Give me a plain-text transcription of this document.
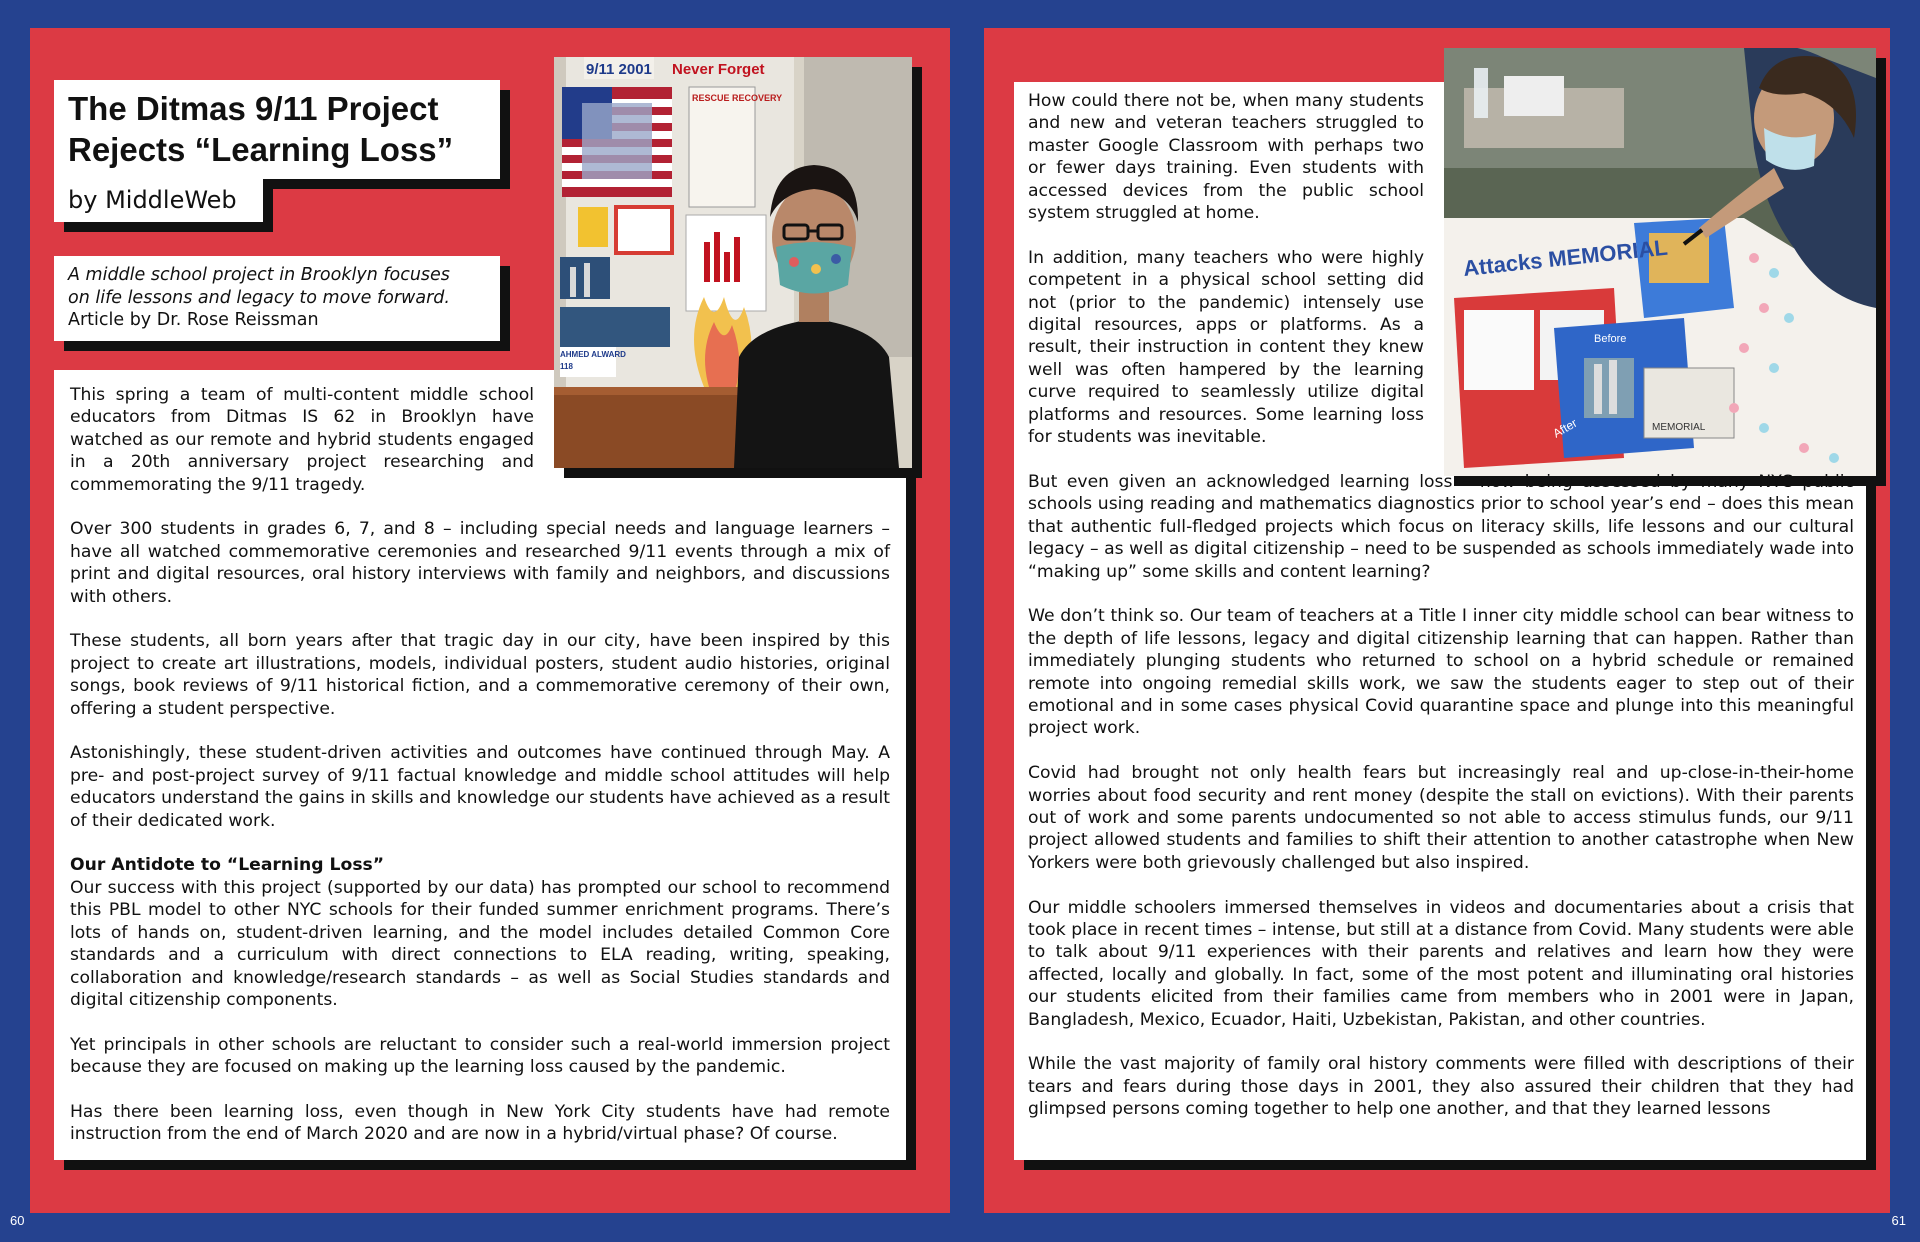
60	61
The Ditmas 9/11 Project
Rejects “Learning Loss”
by MiddleWeb
A middle school project in Brooklyn focuses
on life lessons and legacy to move forward.
Article by Dr. Rose Reissman
9/11 2001 Never Forget
RESCUE RECOVERY
AHMED ALWARD
118

This spring a team of multi-content middle school educators from Ditmas IS 62 in Brooklyn have watched as our remote and hybrid students engaged in a 20th anniversary project researching and commemorating the 9/11 tragedy.

Over 300 students in grades 6, 7, and 8 – including special needs and language learners – have all watched commemorative ceremonies and researched 9/11 events through a mix of print and digital resources, oral history interviews with family and neighbors, and discussions with others.

These students, all born years after that tragic day in our city, have been inspired by this project to create art illustrations, models, individual posters, student audio histories, original songs, book reviews of 9/11 historical fiction, and a commemorative ceremony of their own, offering a student perspective.

Astonishingly, these student-driven activities and outcomes have continued through May. A pre- and post-project survey of 9/11 factual knowledge and middle school attitudes will help educators understand the gains in skills and knowledge our students have achieved as a result of their dedicated work.

Our Antidote to “Learning Loss”

Our success with this project (supported by our data) has prompted our school to recommend this PBL model to other NYC schools for their funded summer enrichment programs. There’s lots of hands on, student-driven learning, and the model includes detailed Common Core standards and a curriculum with direct connections to ELA reading, writing, speaking, collaboration and knowledge/research standards – as well as Social Studies standards and digital citizenship components.

Yet principals in other schools are reluctant to consider such a real-world immersion project because they are focused on making up the learning loss caused by the pandemic.

Has there been learning loss, even though in New York City students have had remote instruction from the end of March 2020 and are now in a hybrid/virtual phase? Of course.

Attacks MEMORIAL
Before
After	MEMORIAL

How could there not be, when many students and new and veteran teachers struggled to master Google Classroom with perhaps two or fewer days training. Even students with accessed devices from the public school system struggled at home.

In addition, many teachers who were highly competent in a physical school setting did not (prior to the pandemic) intensely use digital resources, apps or platforms. As a result, their instruction in content they knew well was often hampered by the learning curve required to seamlessly utilize digital platforms and resources. Some learning loss for students was inevitable.

But even given an acknowledged learning loss – now being assessed by many NYC public schools using reading and mathematics diagnostics prior to school year’s end – does this mean that authentic full-fledged projects which focus on literacy skills, life lessons and our cultural legacy – as well as digital citizenship – need to be suspended as schools immediately wade into “making up” some skills and content learning?

We don’t think so. Our team of teachers at a Title I inner city middle school can bear witness to the depth of life lessons, legacy and digital citizenship learning that can happen. Rather than immediately plunging students who returned to school on a hybrid schedule or remained remote into ongoing remedial skills work, we saw the students eager to step out of their emotional and in some cases physical Covid quarantine space and plunge into this meaningful project work.

Covid had brought not only health fears but increasingly real and up-close-in-their-home worries about food security and rent money (despite the stall on evictions). With their parents out of work and some parents undocumented so not able to access stimulus funds, our 9/11 project allowed students and families to shift their attention to another catastrophe when New Yorkers were both grievously challenged but also inspired.

Our middle schoolers immersed themselves in videos and documentaries about a crisis that took place in recent times – intense, but still at a distance from Covid. Many students were able to talk about 9/11 experiences with their parents and relatives and learn how they were affected, locally and globally. In fact, some of the most potent and illuminating oral histories our students elicited from their families came from members who in 2001 were in Japan, Bangladesh, Mexico, Ecuador, Haiti, Uzbekistan, Pakistan, and other countries.

While the vast majority of family oral history comments were filled with descriptions of their tears and fears during those days in 2001, they also assured their children that they had glimpsed persons coming together to help one another, and that they learned lessons
